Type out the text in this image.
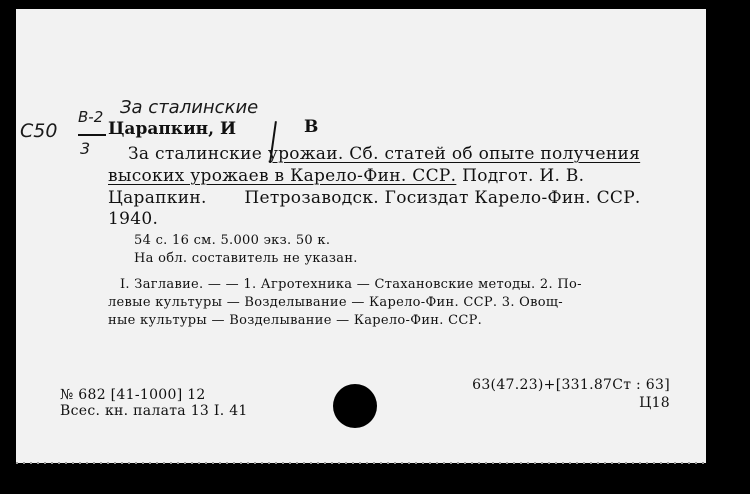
За сталинские
C50
В-2
3
Царапкин, И	В
За сталинские урожаи. Сб. статей об опыте получения
высоких урожаев в Карело-Фин. ССР. Подгот. И. В.
Царапкин. Петрозаводск. Госиздат Карело-Фин. ССР.
1940.
54 с. 16 см. 5.000 экз. 50 к.
На обл. составитель не указан.
I. Заглавие. — — 1. Агротехника — Стахановские методы. 2. По-
левые культуры — Возделывание — Карело-Фин. ССР. 3. Овощ-
ные культуры — Возделывание — Карело-Фин. ССР.
№ 682 [41-1000] 12
Всес. кн. палата 13 I. 41
63(47.23)+[331.87Ст : 63]
Ц18
